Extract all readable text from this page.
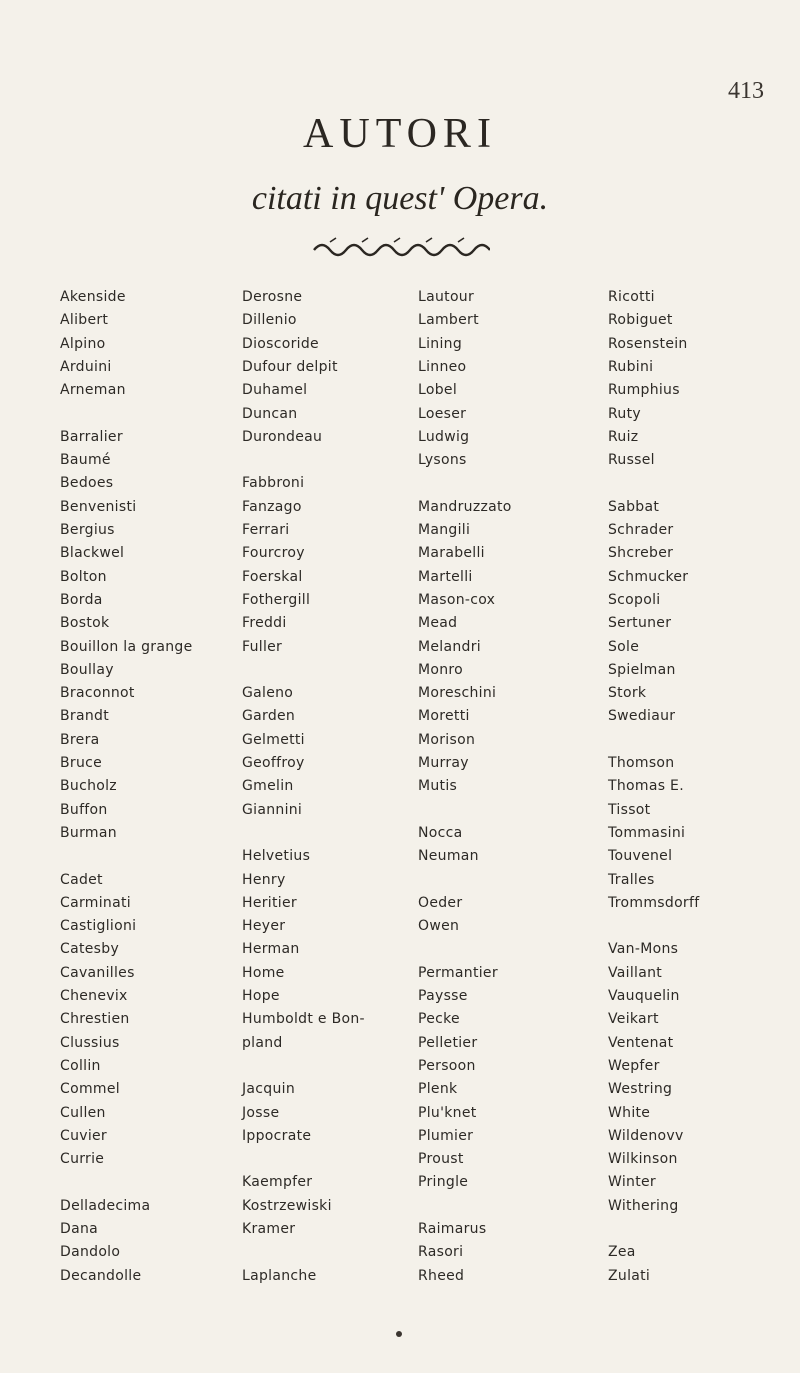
413
AUTORI
citati in quest' Opera.
Akenside
Alibert
Alpino
Arduini
Arneman
Barralier
Baumé
Bedoes
Benvenisti
Bergius
Blackwel
Bolton
Borda
Bostok
Bouillon la grange
Boullay
Braconnot
Brandt
Brera
Bruce
Bucholz
Buffon
Burman
Cadet
Carminati
Castiglioni
Catesby
Cavanilles
Chenevix
Chrestien
Clussius
Collin
Commel
Cullen
Cuvier
Currie
Delladecima
Dana
Dandolo
Decandolle
Derosne
Dillenio
Dioscoride
Dufour delpit
Duhamel
Duncan
Durondeau
Fabbroni
Fanzago
Ferrari
Fourcroy
Foerskal
Fothergill
Freddi
Fuller
Galeno
Garden
Gelmetti
Geoffroy
Gmelin
Giannini
Helvetius
Henry
Heritier
Heyer
Herman
Home
Hope
Humboldt e Bon-
pland
Jacquin
Josse
Ippocrate
Kaempfer
Kostrzewiski
Kramer
Laplanche
Lautour
Lambert
Lining
Linneo
Lobel
Loeser
Ludwig
Lysons
Mandruzzato
Mangili
Marabelli
Martelli
Mason-cox
Mead
Melandri
Monro
Moreschini
Moretti
Morison
Murray
Mutis
Nocca
Neuman
Oeder
Owen
Permantier
Paysse
Pecke
Pelletier
Persoon
Plenk
Plu'knet
Plumier
Proust
Pringle
Raimarus
Rasori
Rheed
Ricotti
Robiguet
Rosenstein
Rubini
Rumphius
Ruty
Ruiz
Russel
Sabbat
Schrader
Shcreber
Schmucker
Scopoli
Sertuner
Sole
Spielman
Stork
Swediaur
Thomson
Thomas E.
Tissot
Tommasini
Touvenel
Tralles
Trommsdorff
Van-Mons
Vaillant
Vauquelin
Veikart
Ventenat
Wepfer
Westring
White
Wildenovv
Wilkinson
Winter
Withering
Zea
Zulati
